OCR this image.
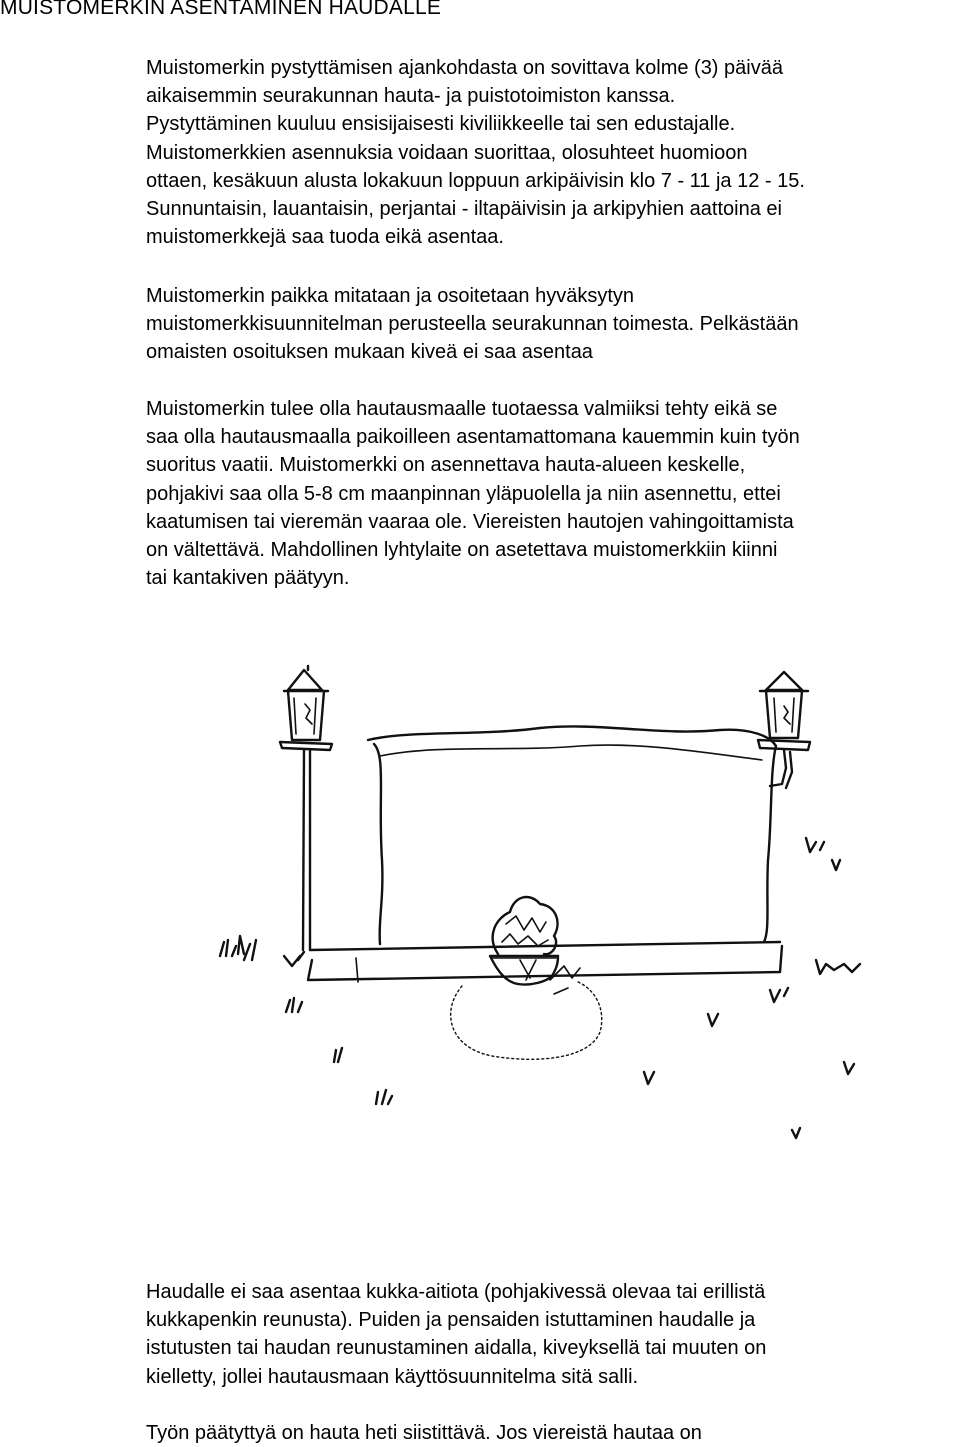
MUISTOMERKIN ASENTAMINEN HAUDALLE
Muistomerkin pystyttämisen ajankohdasta on sovittava kolme (3) päivää
aikaisemmin seurakunnan hauta- ja puistotoimiston kanssa.
Pystyttäminen kuuluu ensisijaisesti kiviliikkeelle tai sen edustajalle.
Muistomerkkien asennuksia voidaan suorittaa, olosuhteet huomioon
ottaen, kesäkuun alusta lokakuun loppuun arkipäivisin klo 7 - 11 ja 12 - 15.
Sunnuntaisin, lauantaisin, perjantai - iltapäivisin ja arkipyhien aattoina ei
muistomerkkejä saa tuoda eikä asentaa.
Muistomerkin paikka mitataan ja osoitetaan hyväksytyn
muistomerkkisuunnitelman perusteella seurakunnan toimesta. Pelkästään
omaisten osoituksen mukaan kiveä ei saa asentaa
Muistomerkin tulee olla hautausmaalle tuotaessa valmiiksi tehty eikä se
saa olla hautausmaalla paikoilleen asentamattomana kauemmin kuin työn
suoritus vaatii. Muistomerkki on asennettava hauta-alueen keskelle,
pohjakivi saa olla 5-8 cm maanpinnan yläpuolella ja niin asennettu, ettei
kaatumisen tai vieremän vaaraa ole. Viereisten hautojen vahingoittamista
on vältettävä. Mahdollinen lyhtylaite on asetettava muistomerkkiin kiinni
tai kantakiven päätyyn.
Haudalle ei saa asentaa kukka-aitiota (pohjakivessä olevaa tai erillistä
kukkapenkin reunusta). Puiden ja pensaiden istuttaminen haudalle ja
istutusten tai haudan reunustaminen aidalla, kiveyksellä tai muuten on
kielletty, jollei hautausmaan käyttösuunnitelma sitä salli.
Työn päätyttyä on hauta heti siistittävä. Jos viereistä hautaa on
